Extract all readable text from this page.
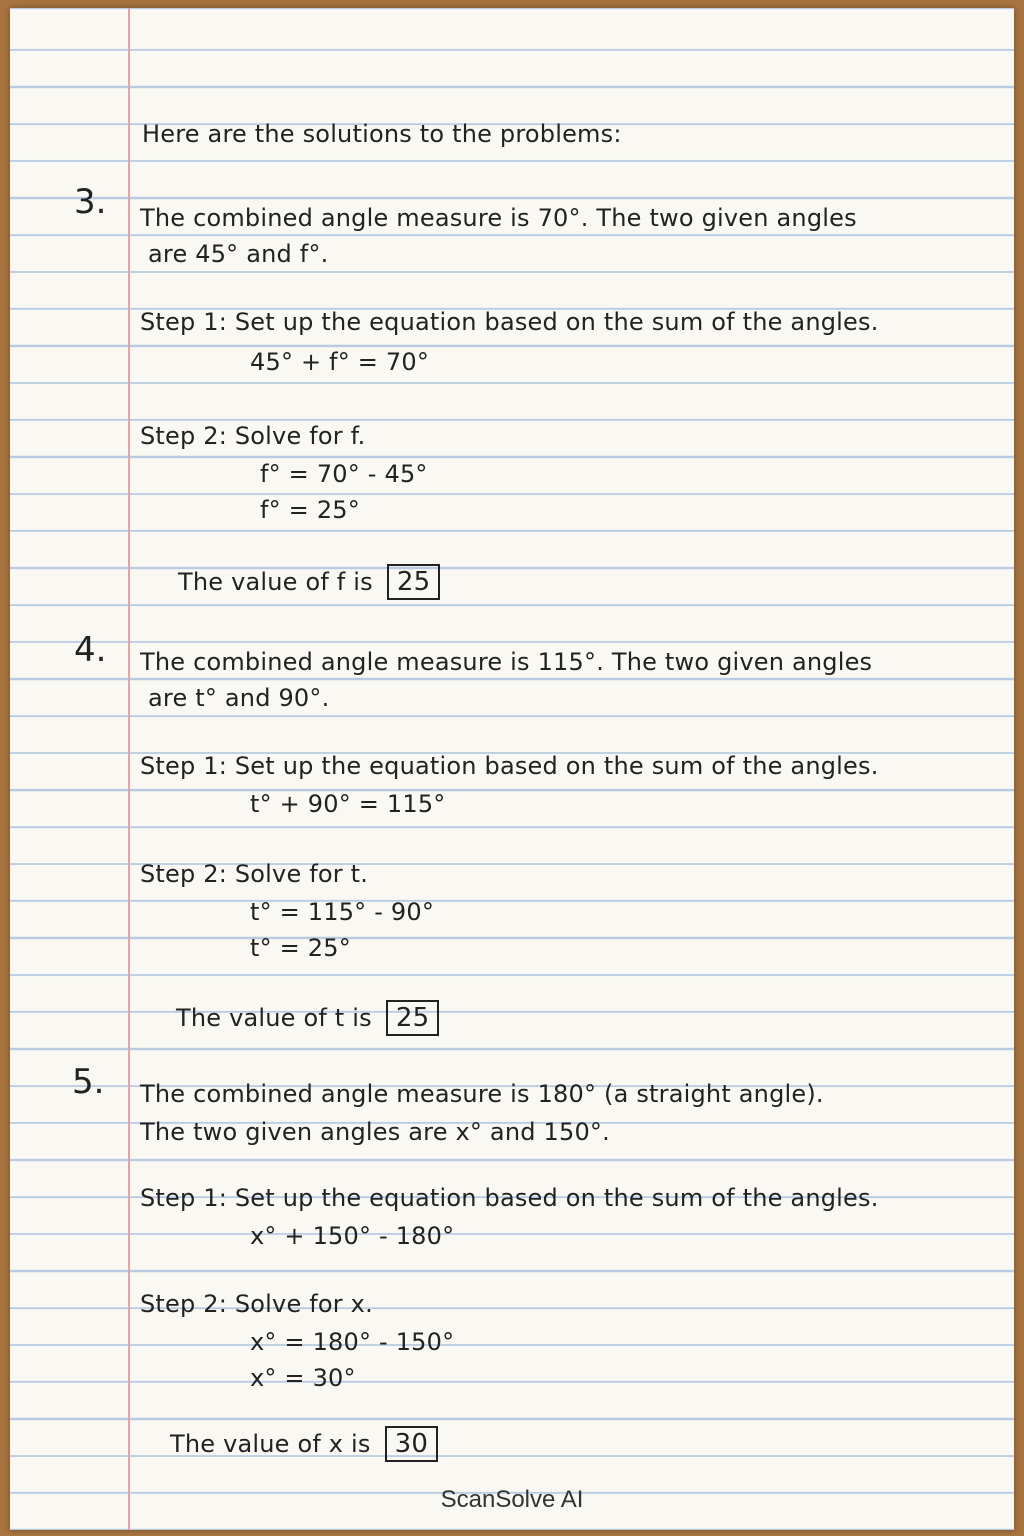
Here are the solutions to the problems:
3. The combined angle measure is 70°. The two given angles
are 45° and f°.
Step 1: Set up the equation based on the sum of the angles.
45° + f° = 70°
Step 2: Solve for f.
f° = 70° - 45°
f° = 25°
The value of f is 25
4. The combined angle measure is 115°. The two given angles
are t° and 90°.
Step 1: Set up the equation based on the sum of the angles.
t° + 90° = 115°
Step 2: Solve for t.
t° = 115° - 90°
t° = 25°
The value of t is 25
5. The combined angle measure is 180° (a straight angle).
The two given angles are x° and 150°.
Step 1: Set up the equation based on the sum of the angles.
x° + 150° - 180°
Step 2: Solve for x.
x° = 180° - 150°
x° = 30°
The value of x is 30
ScanSolve AI
